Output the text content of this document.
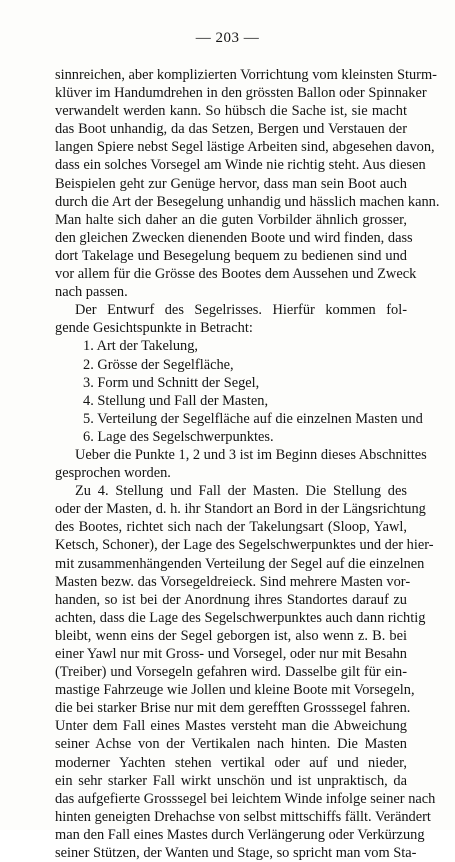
— 203 —
sinnreichen, aber komplizierten Vorrichtung vom kleinsten Sturm-
klüver im Handumdrehen in den grössten Ballon oder Spinnaker
verwandelt werden kann. So hübsch die Sache ist, sie macht
das Boot unhandig, da das Setzen, Bergen und Verstauen der
langen Spiere nebst Segel lästige Arbeiten sind, abgesehen davon,
dass ein solches Vorsegel am Winde nie richtig steht. Aus diesen
Beispielen geht zur Genüge hervor, dass man sein Boot auch
durch die Art der Besegelung unhandig und hässlich machen kann.
Man halte sich daher an die guten Vorbilder ähnlich grosser,
den gleichen Zwecken dienenden Boote und wird finden, dass
dort Takelage und Besegelung bequem zu bedienen sind und
vor allem für die Grösse des Bootes dem Aussehen und Zweck
nach passen.
Der Entwurf des Segelrisses. Hierfür kommen fol-
gende Gesichtspunkte in Betracht:
1. Art der Takelung,
2. Grösse der Segelfläche,
3. Form und Schnitt der Segel,
4. Stellung und Fall der Masten,
5. Verteilung der Segelfläche auf die einzelnen Masten und
6. Lage des Segelschwerpunktes.
Ueber die Punkte 1, 2 und 3 ist im Beginn dieses Abschnittes
gesprochen worden.
Zu 4. Stellung und Fall der Masten. Die Stellung des
oder der Masten, d. h. ihr Standort an Bord in der Längsrichtung
des Bootes, richtet sich nach der Takelungsart (Sloop, Yawl,
Ketsch, Schoner), der Lage des Segelschwerpunktes und der hier-
mit zusammenhängenden Verteilung der Segel auf die einzelnen
Masten bezw. das Vorsegeldreieck. Sind mehrere Masten vor-
handen, so ist bei der Anordnung ihres Standortes darauf zu
achten, dass die Lage des Segelschwerpunktes auch dann richtig
bleibt, wenn eins der Segel geborgen ist, also wenn z. B. bei
einer Yawl nur mit Gross- und Vorsegel, oder nur mit Besahn
(Treiber) und Vorsegeln gefahren wird. Dasselbe gilt für ein-
mastige Fahrzeuge wie Jollen und kleine Boote mit Vorsegeln,
die bei starker Brise nur mit dem gerefften Grosssegel fahren.
Unter dem Fall eines Mastes versteht man die Abweichung
seiner Achse von der Vertikalen nach hinten. Die Masten
moderner Yachten stehen vertikal oder auf und nieder,
ein sehr starker Fall wirkt unschön und ist unpraktisch, da
das aufgefierte Grosssegel bei leichtem Winde infolge seiner nach
hinten geneigten Drehachse von selbst mittschiffs fällt. Verändert
man den Fall eines Mastes durch Verlängerung oder Verkürzung
seiner Stützen, der Wanten und Stage, so spricht man vom Sta-
